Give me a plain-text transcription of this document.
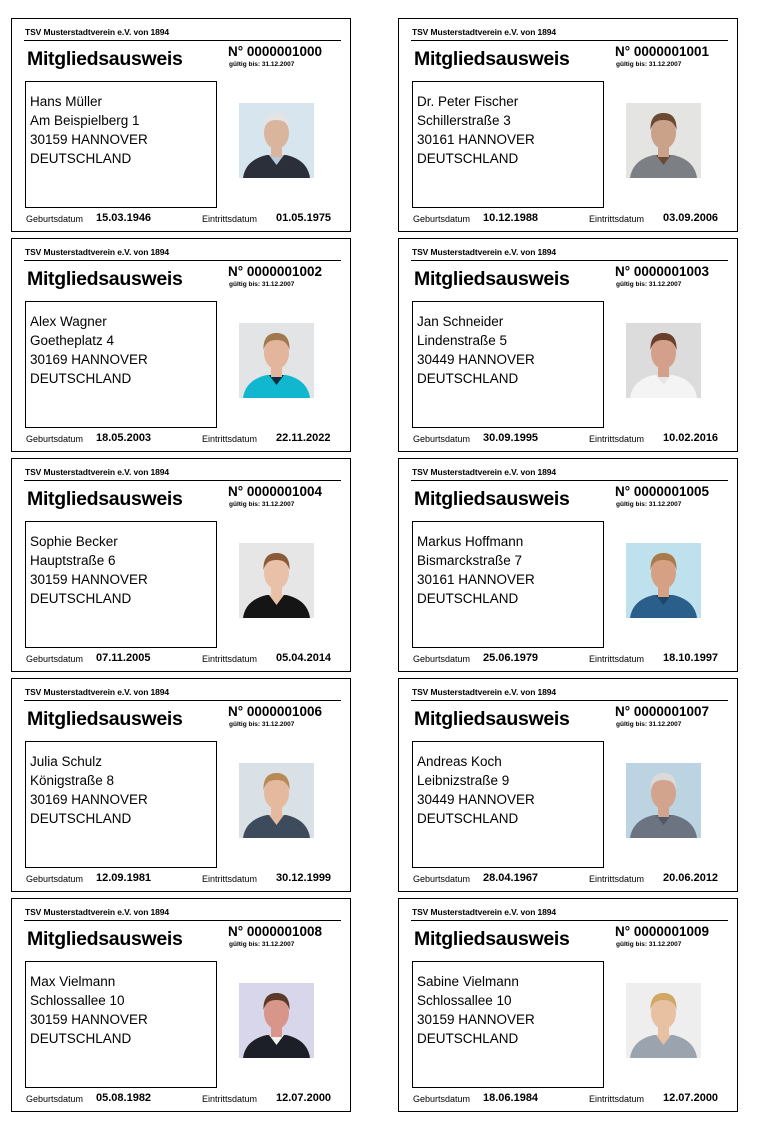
TSV Musterstadtverein e.V. von 1894
Mitgliedsausweis	N° 0000001000
gültig bis: 31.12.2007
Hans Müller
Am Beispielberg 1
30159 HANNOVER
DEUTSCHLAND
Geburtsdatum 15.03.1946	Eintrittsdatum 01.05.1975
TSV Musterstadtverein e.V. von 1894
Mitgliedsausweis	N° 0000001001
gültig bis: 31.12.2007
Dr. Peter Fischer
Schillerstraße 3
30161 HANNOVER
DEUTSCHLAND
Geburtsdatum 10.12.1988	Eintrittsdatum 03.09.2006
TSV Musterstadtverein e.V. von 1894
Mitgliedsausweis	N° 0000001002
gültig bis: 31.12.2007
Alex Wagner
Goetheplatz 4
30169 HANNOVER
DEUTSCHLAND
Geburtsdatum 18.05.2003	Eintrittsdatum 22.11.2022
TSV Musterstadtverein e.V. von 1894
Mitgliedsausweis	N° 0000001003
gültig bis: 31.12.2007
Jan Schneider
Lindenstraße 5
30449 HANNOVER
DEUTSCHLAND
Geburtsdatum 30.09.1995	Eintrittsdatum 10.02.2016
TSV Musterstadtverein e.V. von 1894
Mitgliedsausweis	N° 0000001004
gültig bis: 31.12.2007
Sophie Becker
Hauptstraße 6
30159 HANNOVER
DEUTSCHLAND
Geburtsdatum 07.11.2005	Eintrittsdatum 05.04.2014
TSV Musterstadtverein e.V. von 1894
Mitgliedsausweis	N° 0000001005
gültig bis: 31.12.2007
Markus Hoffmann
Bismarckstraße 7
30161 HANNOVER
DEUTSCHLAND
Geburtsdatum 25.06.1979	Eintrittsdatum 18.10.1997
TSV Musterstadtverein e.V. von 1894
Mitgliedsausweis	N° 0000001006
gültig bis: 31.12.2007
Julia Schulz
Königstraße 8
30169 HANNOVER
DEUTSCHLAND
Geburtsdatum 12.09.1981	Eintrittsdatum 30.12.1999
TSV Musterstadtverein e.V. von 1894
Mitgliedsausweis	N° 0000001007
gültig bis: 31.12.2007
Andreas Koch
Leibnizstraße 9
30449 HANNOVER
DEUTSCHLAND
Geburtsdatum 28.04.1967	Eintrittsdatum 20.06.2012
TSV Musterstadtverein e.V. von 1894
Mitgliedsausweis	N° 0000001008
gültig bis: 31.12.2007
Max Vielmann
Schlossallee 10
30159 HANNOVER
DEUTSCHLAND
Geburtsdatum 05.08.1982	Eintrittsdatum 12.07.2000
TSV Musterstadtverein e.V. von 1894
Mitgliedsausweis	N° 0000001009
gültig bis: 31.12.2007
Sabine Vielmann
Schlossallee 10
30159 HANNOVER
DEUTSCHLAND
Geburtsdatum 18.06.1984	Eintrittsdatum 12.07.2000
